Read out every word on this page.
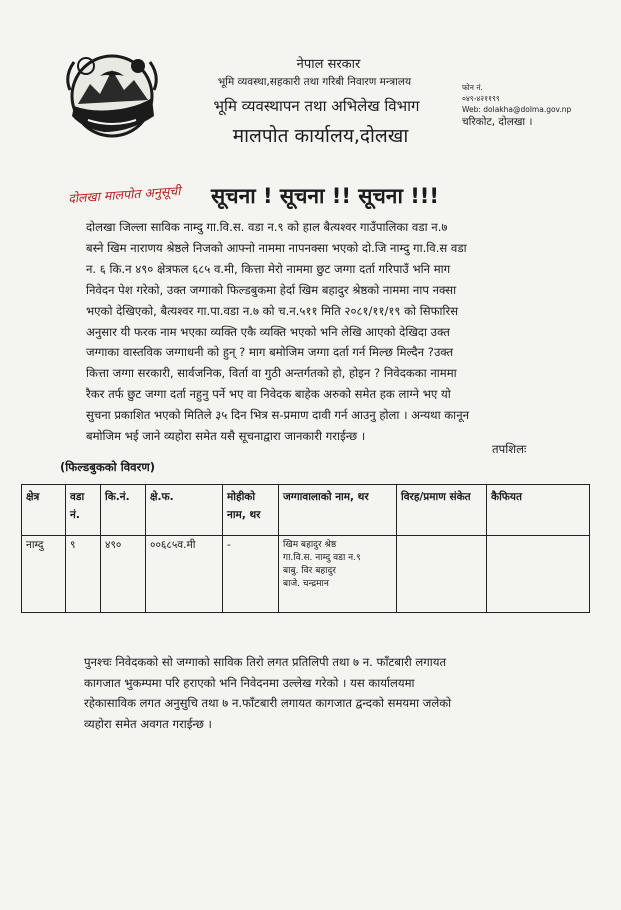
नेपाल सरकार
भूमि व्यवस्था,सहकारी तथा गरिबी निवारण मन्त्रालय
भूमि व्यवस्थापन तथा अभिलेख विभाग
मालपोत कार्यालय,दोलखा
फोन नं.
०४९-४२११९९
Web: dolakha@dolma.gov.np
चरिकोट, दोलखा ।
दोलखा मालपोत अनुसूची	सूचना ! सूचना !! सूचना !!!
दोलखा जिल्ला साविक नाम्दु गा.वि.स. वडा न.९ को हाल बैत्यश्वर गाउँपालिका वडा न.७
बस्ने खिम नाराणय श्रेष्ठले निजको आफ्नो नाममा नापनक्सा भएको दो.जि नाम्दु गा.वि.स वडा
न. ६ कि.न ४९० क्षेत्रफल ६८५ व.मी, कित्ता मेरो नाममा छुट जग्गा दर्ता गरिपाउँ भनि माग
निवेदन पेश गरेको, उक्त जग्गाको फिल्डबुकमा हेर्दा खिम बहादुर श्रेष्ठको नाममा नाप नक्सा
भएको देखिएको, बैत्यश्वर गा.पा.वडा न.७ को च.न.५११ मिति २०८१/११/१९ को सिफारिस
अनुसार यी फरक नाम भएका व्यक्ति एकै व्यक्ति भएको भनि लेखि आएको देखिदा उक्त
जग्गाका वास्तविक जग्गाधनी को हुन् ? माग बमोजिम जग्गा दर्ता गर्न मिल्छ मिल्दैन ?उक्त
कित्ता जग्गा सरकारी, सार्वजनिक, विर्ता वा गुठी अन्तर्गतको हो, होइन ? निवेदकका नाममा
रैकर तर्फ छुट जग्गा दर्ता नहुनु पर्ने भए वा निवेदक बाहेक अरुको समेत हक लाग्ने भए यो
सुचना प्रकाशित भएको मितिले ३५ दिन भित्र स-प्रमाण दावी गर्न आउनु होला । अन्यथा कानून
बमोजिम भई जाने व्यहोरा समेत यसै सूचनाद्वारा जानकारी गराईन्छ ।
तपशिलः
(फिल्डबुकको विवरण)
क्षेत्र	वडा नं.	कि.नं.	क्षे.फ.	मोहीको नाम, थर	जग्गावालाको नाम, थर	विरह/प्रमाण संकेत	कैफियत
नाम्दु	९	४९०	००६८५व.मी	-	खिम बहादुर श्रेष्ठ
गा.वि.स. नाम्दु वडा न.९
बाबु. विर बहादुर
बाजे. चन्द्रमान		

पुनश्चः निवेदकको सो जग्गाको साविक तिरो लगत प्रतिलिपी तथा ७ न. फाँटबारी लगायत
कागजात भुकम्पमा परि हराएको भनि निवेदनमा उल्लेख गरेको । यस कार्यालयमा
रहेकासाविक लगत अनुसुचि तथा ७ न.फाँटबारी लगायत कागजात द्वन्दको समयमा जलेको
व्यहोरा समेत अवगत गराईन्छ ।
